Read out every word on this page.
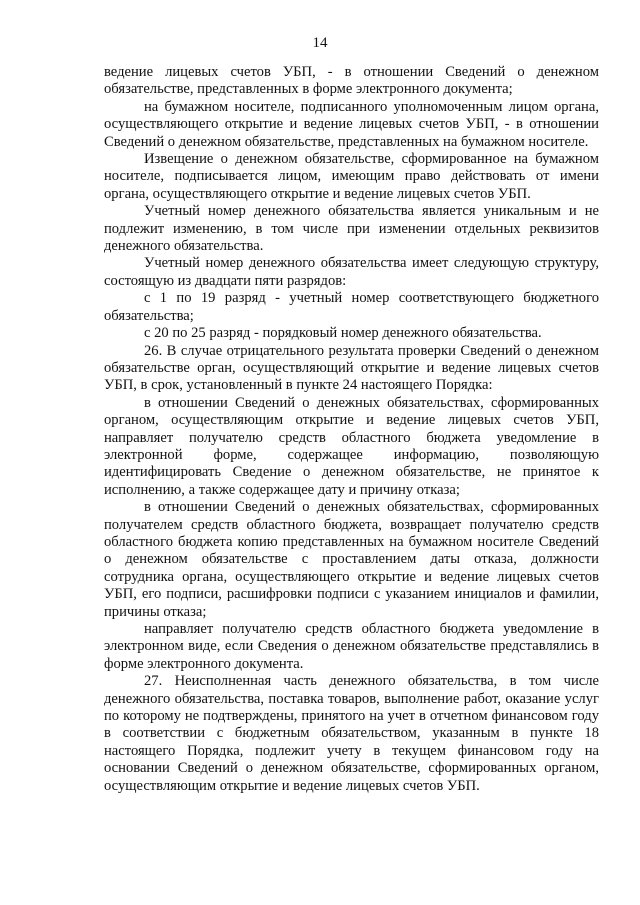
14

ведение лицевых счетов УБП, - в отношении Сведений о денежном обязательстве, представленных в форме электронного документа;

на бумажном носителе, подписанного уполномоченным лицом органа, осуществляющего открытие и ведение лицевых счетов УБП, - в отношении Сведений о денежном обязательстве, представленных на бумажном носителе.

Извещение о денежном обязательстве, сформированное на бумажном носителе, подписывается лицом, имеющим право действовать от имени органа, осуществляющего открытие и ведение лицевых счетов УБП.

Учетный номер денежного обязательства является уникальным и не подлежит изменению, в том числе при изменении отдельных реквизитов денежного обязательства.

Учетный номер денежного обязательства имеет следующую структуру, состоящую из двадцати пяти разрядов:

с 1 по 19 разряд - учетный номер соответствующего бюджетного обязательства;

с 20 по 25 разряд - порядковый номер денежного обязательства.

26. В случае отрицательного результата проверки Сведений о денежном обязательстве орган, осуществляющий открытие и ведение лицевых счетов УБП, в срок, установленный в пункте 24 настоящего Порядка:

в отношении Сведений о денежных обязательствах, сформированных органом, осуществляющим открытие и ведение лицевых счетов УБП, направляет получателю средств областного бюджета уведомление в электронной форме, содержащее информацию, позволяющую идентифицировать Сведение о денежном обязательстве, не принятое к исполнению, а также содержащее дату и причину отказа;

в отношении Сведений о денежных обязательствах, сформированных получателем средств областного бюджета, возвращает получателю средств областного бюджета копию представленных на бумажном носителе Сведений о денежном обязательстве с проставлением даты отказа, должности сотрудника органа, осуществляющего открытие и ведение лицевых счетов УБП, его подписи, расшифровки подписи с указанием инициалов и фамилии, причины отказа;

направляет получателю средств областного бюджета уведомление в электронном виде, если Сведения о денежном обязательстве представлялись в форме электронного документа.

27. Неисполненная часть денежного обязательства, в том числе денежного обязательства, поставка товаров, выполнение работ, оказание услуг по которому не подтверждены, принятого на учет в отчетном финансовом году в соответствии с бюджетным обязательством, указанным в пункте 18 настоящего Порядка, подлежит учету в текущем финансовом году на основании Сведений о денежном обязательстве, сформированных органом, осуществляющим открытие и ведение лицевых счетов УБП.
